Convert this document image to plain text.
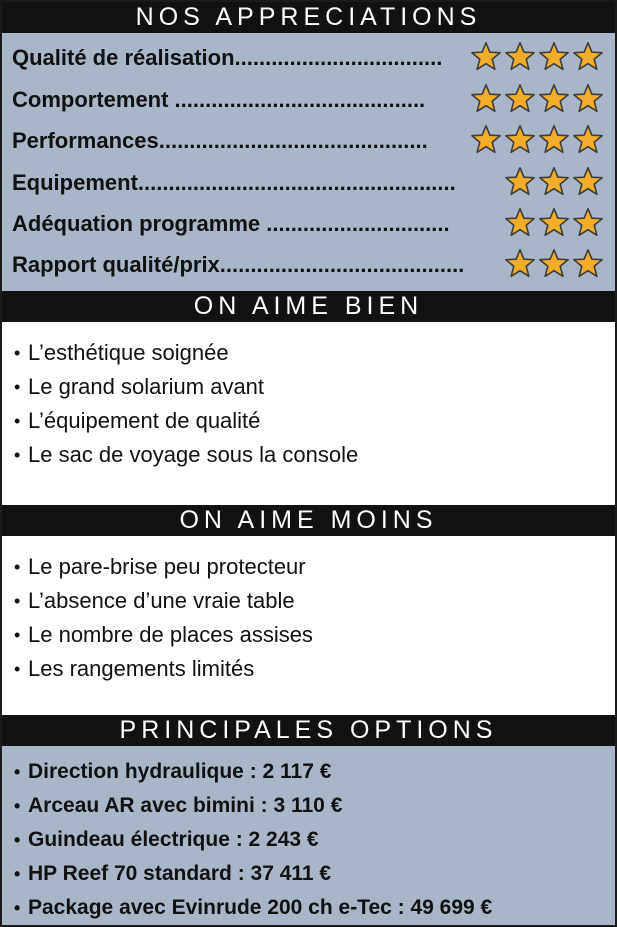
NOS APPRECIATIONS
Qualité de réalisation..................................
Comportement .........................................
Performances............................................
Equipement....................................................
Adéquation programme ..............................
Rapport qualité/prix........................................
ON AIME BIEN
• L’esthétique soignée
• Le grand solarium avant
• L’équipement de qualité
• Le sac de voyage sous la console
ON AIME MOINS
• Le pare-brise peu protecteur
• L’absence d’une vraie table
• Le nombre de places assises
• Les rangements limités
PRINCIPALES OPTIONS
• Direction hydraulique : 2 117 €
• Arceau AR avec bimini : 3 110 €
• Guindeau électrique : 2 243 €
• HP Reef 70 standard : 37 411 €
• Package avec Evinrude 200 ch e-Tec : 49 699 €
